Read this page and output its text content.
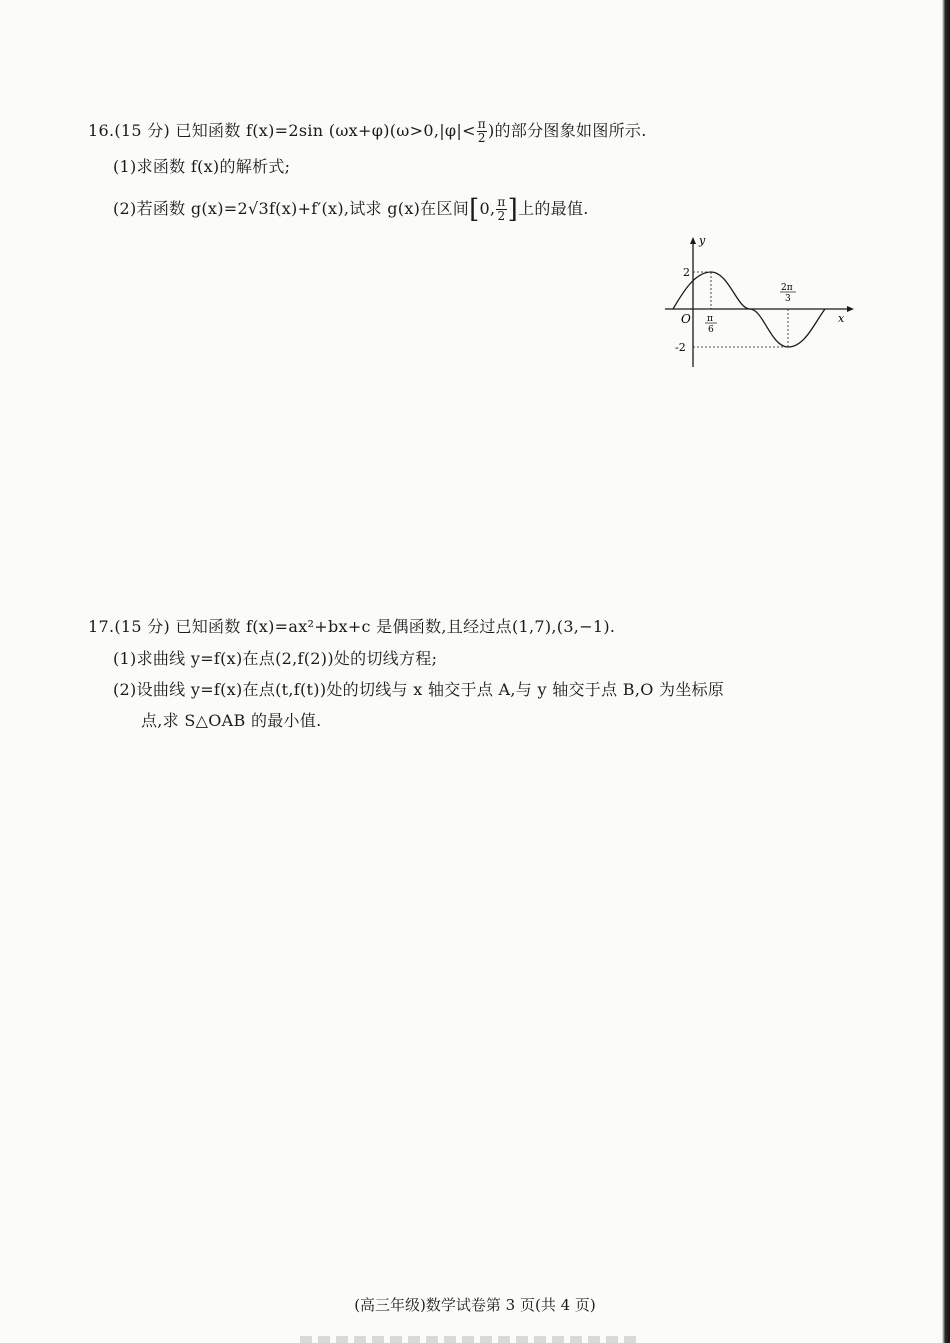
16.(15 分) 已知函数 f(x)=2sin $(\omega x+\varphi)(\omega>0,|\varphi|< \frac{\pi}{2}$ )的部分图象如图所示.
(1)求函数 f(x)的解析式;
(2)若函数 g(x)=2√3f(x)+f′(x),试求 g(x)在区间[0, $\frac{\pi}{2}$ ]上的最值.
y
x
O
2
-2
π
6
2π
3
17.(15 分) 已知函数 f(x)=ax²+bx+c 是偶函数,且经过点(1,7),(3,−1).
(1)求曲线 y=f(x)在点(2,f(2))处的切线方程;
(2)设曲线 y=f(x)在点(t,f(t))处的切线与 x 轴交于点 A,与 y 轴交于点 B,O 为坐标原
点,求 S△OAB 的最小值.
(高三年级)数学试卷第 3 页(共 4 页)
